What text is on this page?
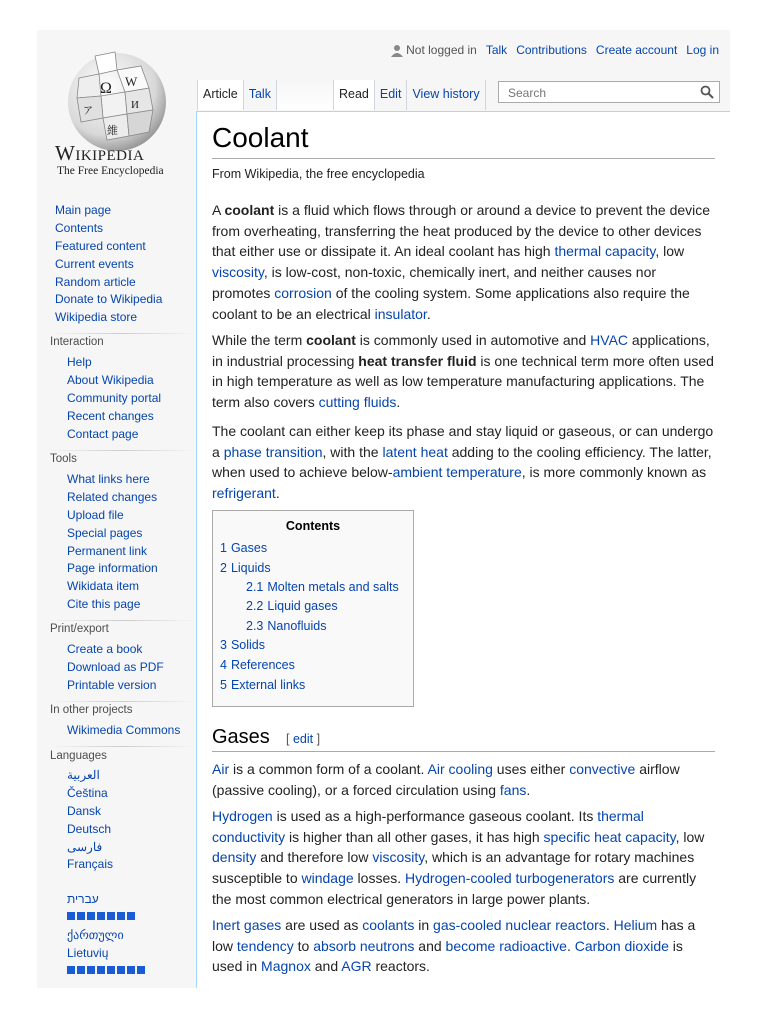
Ω W
維
И
ア
Wikipedia
The Free Encyclopedia
Not logged in Talk Contributions Create account Log in
Article Talk	Read Edit View history
Search
Coolant
From Wikipedia, the free encyclopedia

A coolant is a fluid which flows through or around a device to prevent the device from overheating, transferring the heat produced by the device to other devices that either use or dissipate it. An ideal coolant has high thermal capacity, low viscosity, is low-cost, non-toxic, chemically inert, and neither causes nor promotes corrosion of the cooling system. Some applications also require the coolant to be an electrical insulator.

While the term coolant is commonly used in automotive and HVAC applications, in industrial processing heat transfer fluid is one technical term more often used in high temperature as well as low temperature manufacturing applications. The term also covers cutting fluids.

The coolant can either keep its phase and stay liquid or gaseous, or can undergo a phase transition, with the latent heat adding to the cooling efficiency. The latter, when used to achieve below-ambient temperature, is more commonly known as refrigerant.

Contents
1 Gases
2 Liquids
2.1 Molten metals and salts
2.2 Liquid gases
2.3 Nanofluids
3 Solids
4 References
5 External links
Gases [ edit ]

Air is a common form of a coolant. Air cooling uses either convective airflow (passive cooling), or a forced circulation using fans.

Hydrogen is used as a high-performance gaseous coolant. Its thermal conductivity is higher than all other gases, it has high specific heat capacity, low density and therefore low viscosity, which is an advantage for rotary machines susceptible to windage losses. Hydrogen-cooled turbogenerators are currently the most common electrical generators in large power plants.

Inert gases are used as coolants in gas-cooled nuclear reactors. Helium has a low tendency to absorb neutrons and become radioactive. Carbon dioxide is used in Magnox and AGR reactors.

Main page
Contents
Featured content
Current events
Random article
Donate to Wikipedia
Wikipedia store
Interaction
Help
About Wikipedia
Community portal
Recent changes
Contact page
Tools
What links here
Related changes
Upload file
Special pages
Permanent link
Page information
Wikidata item
Cite this page
Print/export
Create a book
Download as PDF
Printable version
In other projects
Wikimedia Commons
Languages
العربية
Čeština
Dansk
Deutsch
فارسی
Français
עברית
ქართული
Lietuvių
